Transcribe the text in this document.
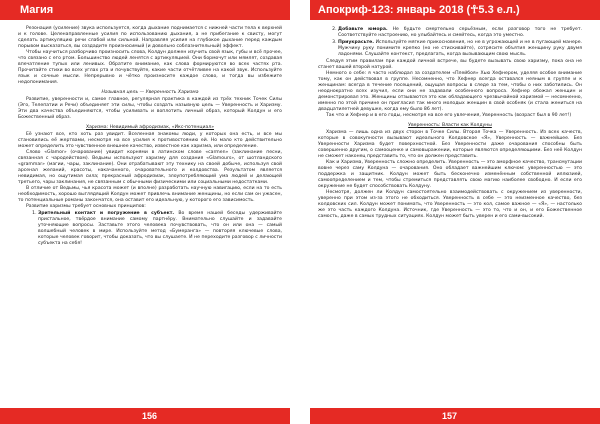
Магия	Апокриф-123: январь 2018 (☥5.3 е.л.)

Резонация (усиление) звука используется, когда дыхание поднимается с нижней части тела к верхней и к голове. Целенаправленные усилия по использованию дыхания, а не прибегание к свисту, могут сделать артикуляцию речи слабой или сильной. Направляя усилия на глубокое дыхание перед каждым порывом высказаться, вы создадите произносимый (и довольно соблазнительный) эффект.

Чтобы научиться разборчиво произносить слова, Колдун должен изучить свой язык, губы и всё прочее, что связано с его ртом. Большинство людей ленятся с артикуляцией. Они бормочут или мямлят, создавая впечатление тупых или ленивых. Обратите внимание, как слова формируются во всех частях рта. Прочитайте стихи во всех углах рта и почувствуйте, какие части отчётливее на какой звук. Используйте язык и сочные мысли. Непрерывно и чётко произносите каждое слово, и тогда вы избежите недопонимания.

Назывная цель — Уверенность Харизма

Развитие, уверенности и, самое главное, регулярная практика в каждой из трёх техник Точек Силы (Эго, Телепатии и Речи) объединяет эти силы, чтобы создать назывную цель — Уверенность и Харизму. Эти два качества объединяются, чтобы усиливать и воплотить личный образ, который Колдун и его Божественный образ.

Харизма: Невидимый афродизиак, «Икс-потенциал»

Её узнают все, кто хоть раз увидит. Вселенная знакомы люди, у которых она есть, и все мы становились её жертвами, несмотря на все усилия к противостоянию ей. Но мало кто действительно может определить это чувственное внешнее качество, известное как харизма, или определение.

Слово «Glamor» (очарование) увидит корнями в латинском слове «carmen» (заклинание песни, связанная с чародейством). Ведьмы используют харизму для создания «Glamours», от шотландского «grammar» (магии, чары, заклинание). Они отрабатывают эту технику на своей добыче, используя свой арсенал желаний, красоты, накачанного, очаровательного и колдовства. Результатом является невидимая, но ощутимая сила; прекрасный афродизиак, злоупотребляющий ума людей и делающей третьего, чары заклинания, не связанным с обычными физическими или социальными недостатками.

В отличие от Ведьмы, чья красота может (и вполне) разработать научную навигацию, если на то есть необходимость, хорошо выглядящий Колдун может привлечь внимание женщины, но если сам он ужасен, то потенциальные романы закончатся, она оставит его идеальную, у которого его зависимость.

Развитие харизмы требует основных принципов:

1. Зрительный контакт и погружение в субъект. Во время нашей беседы удерживайте пристальное, твёрдое внимание самому партнёру. Внимательно слушайте и задавайте уточняющие вопросы. Заставьте этого человека почувствовать, что он или она — самый волшебный человек в мире. Используйте метод «Бумеранга» — повторяя ключевые слова, которые человек говорит, чтобы доказать, что вы слушаете. И не переходите разговор с личности субъекта на себя!
2. Добавьте юмора. Не будьте смертельно серьёзным, если разговор того не требует. Соответствуйте настроению, но улыбайтесь и смейтесь, когда это уместно.
3. Приукрасьте. Используйте мягкие прикосновения, но не в угрожающей и не в пугающей манере. Мужчину руку понимите крепко (но не стискивайте), сотрясите объятия женщину руку двумя ладонями. Слушайте контекст, предлагать, когда вызывающим свою мысль.

Следуя этим правилам при каждой личной встрече, вы будете вызывать свою харизму, пока она не станет вашей второй натурой.

Немного о себе: я часто наблюдал за создателем «Плейбоя» Хью Хефнером, уделяя особое внимание тому, как он действовал в группе. Несомненно, что Хефнер всегда оставался неяным в группе и к женщинам: всегда в течение посещений, ощущая вопросы в следе за тем, чтобы о них заботились. Он неоднократно всех изучил, если они не задавали особенного вопроса. Хефнер обожал женщин и демонстрировал это. Женщины отзываются это как обладающего чрезвычайной харизмой — несомненно, именно по этой причине он пригласил так много молодых женщин в свой особняк (и стала жениться на двадцатилетней девушке, когда ему было 86 лет).

Так что и Хефнер и в его годы, несмотря на все его увлечения, Уверенность (возраст был в 90 лет!)

Уверенность: Власти как Колдуны

Харизма — лишь одна из двух сторон в Точке Силы. Вторая Точка — Уверенность. Из всех качеств, которые в совокупности вызывают идеального Колдовское «Я», Уверенность — важнейшее. Без Уверенности Харизма будет поверхностной. Без Уверенности даже очарования способны быть совершенно другим, о самооценке и самовыражении, которые являются определяющими. Без неё Колдун не сможет наконец представить то, что он должен представить.

Как и Харизма, Уверенность сложно определить. Уверенность — это аморфное качество, трансмутации вовне через саму Колдуна — очарования. Оно обладает важнейшим ключом: уверенностью — это поддержка и защитник. Колдун может быть бесконечно изменённым собственной иллюзией, самоопределением и тем, чтобы стремиться представлять свою магию наиболее свободно. И если его окружение не будет способствовать Колдуну.

Несмотря, должен ли Колдун самостоятельно взаимодействовать с окружением из уверенности, уверенно при этом из-за этого не обходиться. Уверенность в себе — это неизменное качество, без колдовских сил. Колдун может понимать, что Уверенность — это кол, самое важное — «Я», — настолько же это часть каждого Колдуна. Источник, где Уверенность — это то, что и он, и его Божественное самость, даже в самых трудных ситуациях. Колдун может быть уверен и его сами-высокий.

156	157
